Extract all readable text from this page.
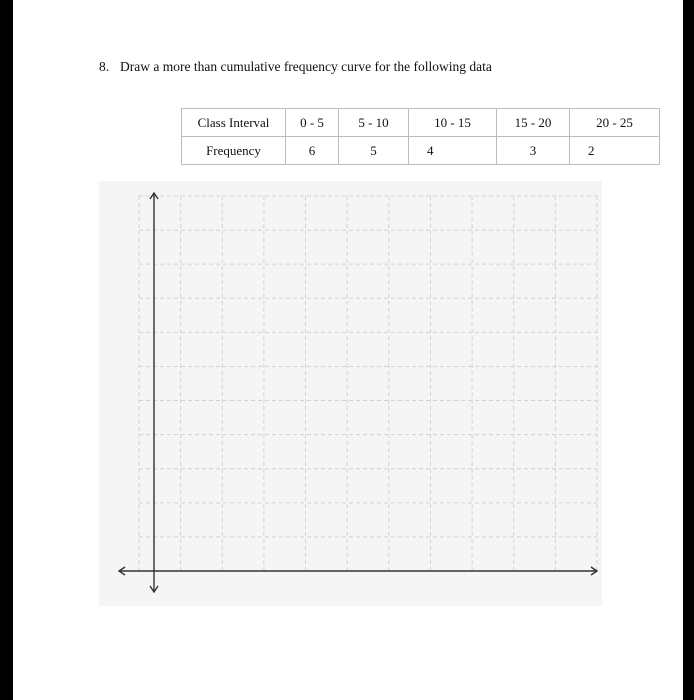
8. Draw a more than cumulative frequency curve for the following data
Class Interval	0 - 5	5 - 10	10 - 15	15 - 20	20 - 25
Frequency	6	5	4	3	2
